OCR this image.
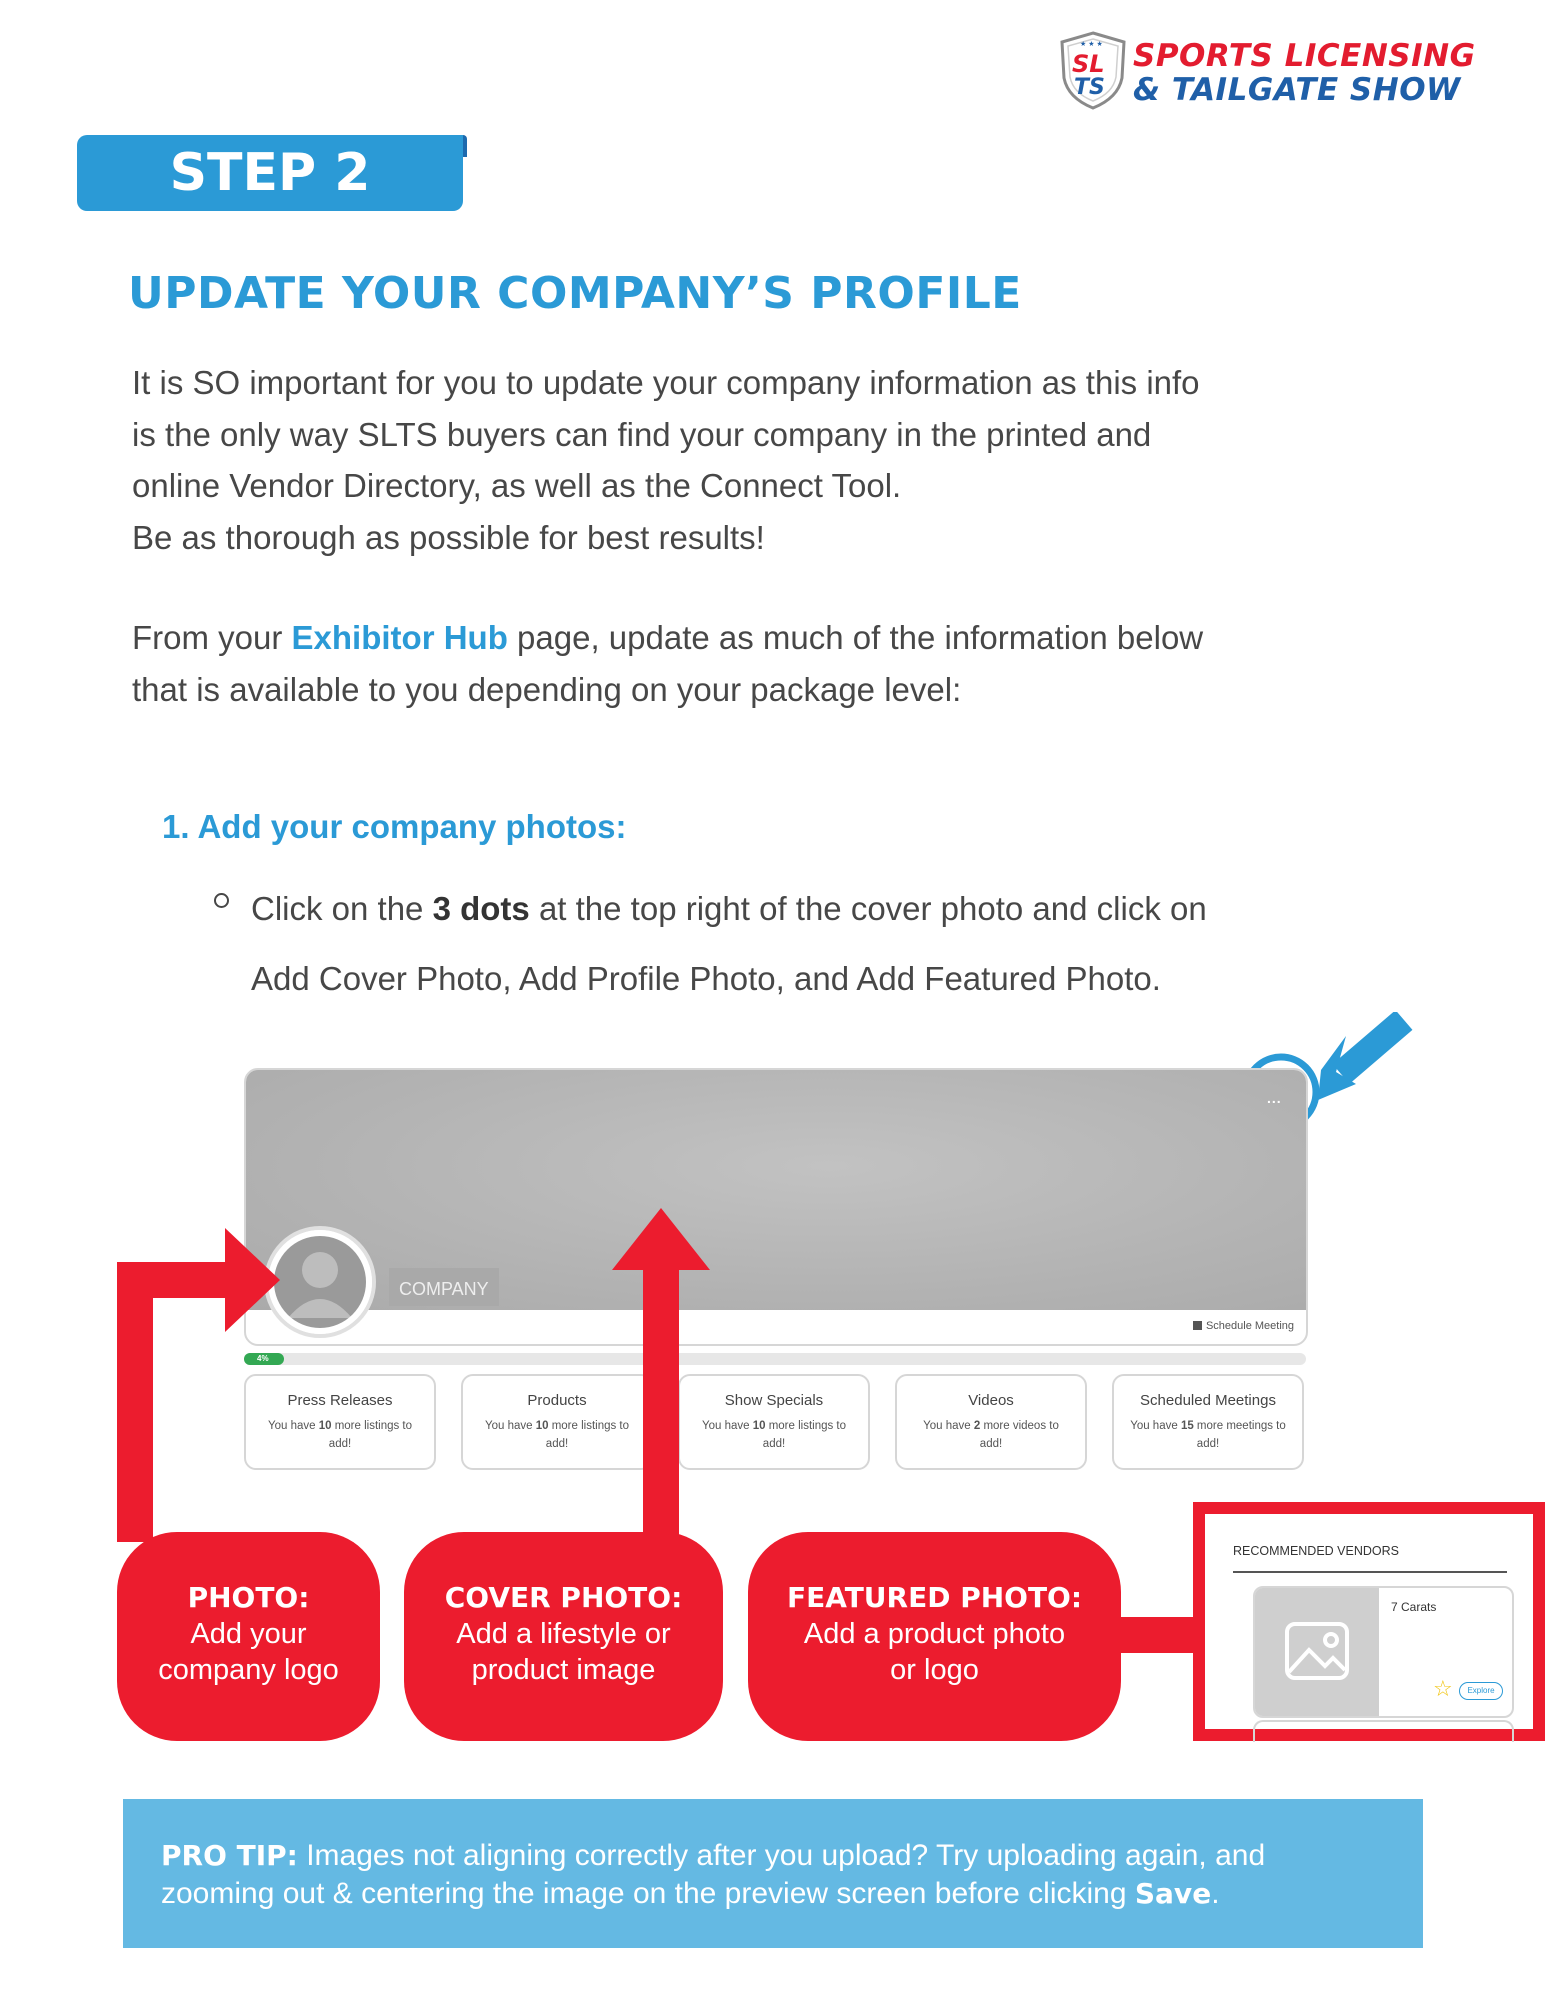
SL
TS
★ ★ ★ SPORTS LICENSING
& TAILGATE SHOW
STEP 2
UPDATE YOUR COMPANY’S PROFILE

It is SO important for you to update your company information as this info

is the only way SLTS buyers can find your company in the printed and

online Vendor Directory, as well as the Connect Tool.

Be as thorough as possible for best results!

From your Exhibitor Hub page, update as much of the information below

that is available to you depending on your package level:

1. Add your company photos:
Click on the 3 dots at the top right of the cover photo and click on
Add Cover Photo, Add Profile Photo, and Add Featured Photo.
...
COMPANY
Schedule Meeting
4%
Press Releases
You have 10 more listings to add!
Products
You have 10 more listings to add!
Show Specials
You have 10 more listings to add!
Videos
You have 2 more videos to add!
Scheduled Meetings
You have 15 more meetings to add!
PHOTO:
Add your
company logo
COVER PHOTO:
Add a lifestyle or
product image
FEATURED PHOTO:
Add a product photo
or logo
RECOMMENDED VENDORS
7 Carats
☆	Explore
PRO TIP: Images not aligning correctly after you upload? Try uploading again, and
zooming out & centering the image on the preview screen before clicking Save.
